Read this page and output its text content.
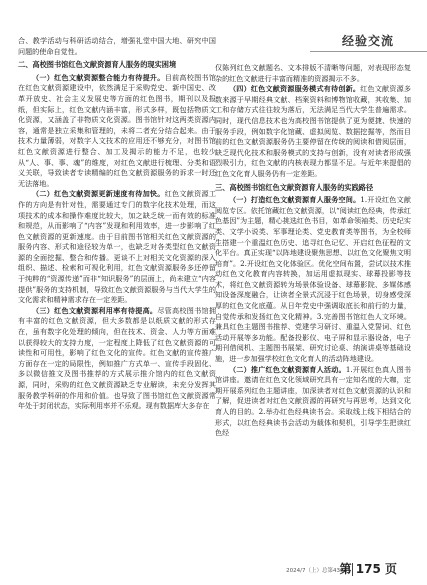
经验交流

合、教学活动与科研活动结合，增强礼堂中国大地、研究中国问题的使命自觉性。

二、高校图书馆红色文献资源育人服务的现实困境

（一）红色文献资源整合能力有待提升。目前高校图书馆在红色文献资源建设中，依然满足于采购党史、新中国史、改革开放史、社会主义发展史等方面的红色图书，期刊以及报纸，但实际上，红色文献内涵丰富，形式多样，既包括物质文化资源，又涵盖了非物质文化资源。图书馆针对这两类资源内容，通常是独立采集和管理的，未将二者充分结合起来。由于技术力量薄弱，对数字人文技术的应用还不够充分，对图书馆红色文献资源进行整合、加工及揭示的能力不足，也较少从“人、事、事、魂”的维度，对红色文献进行梳理、分类和语义关联，导致读者专读精编的红色文献资源服务的诉求一时还无法落地。

（二）红色文献资源更新速度有待加快。红色文献资源工作的方向是有针对性，需要通过专门的数字化技术处理，而这项技术的成本和操作难度比较大，加之缺乏统一而有效的标准和规范，从而影响了“内容”发现和利用效率，进一步影响了红色文献资源的更新速度。由于目前图书馆相关红色文献资源的服务内容、形式和途径较为单一，也缺乏对各类型红色文献资源的全面挖掘、整合和传播。更谈不上对相关文化资源的深入组织、描述、检索和可视化利用，红色文献资源服务多还停留于纯粹的“资源传递”而非“知识服务”的层面上，尚未建立“内容提供”服务的支持机制，导致红色文献资源服务与当代大学生的文化需求和精神需求存在一定差距。

（三）红色文献资源利用率有待提高。尽管高校图书馆拥有丰富的红色文献资源，但大多数都是以纸质文献的形式存在，虽有数字化处理的倾向，但在技术、资金、人力等方面难以获得较大的支持力度，一定程度上降低了红色文献资源的可读性和可用性，影响了红色文化的宣传。红色文献的宣传推广方面存在一定的局限性，例如推广方式单一、宣传手段固化、多以微信推文及图书推荐的方式展示推介馆内的红色文献资源，同时，采购的红色文献资源缺乏专业解读，未充分发挥其服务教学科研的作用和价值。也导致了图书馆红色文献资源常年处于封闭状态，实际利用率并不乐观。现有数据库大多存在

仅陈列红色文献题名、文本排版不清晰等问题，对表现形态复杂的红色文献进行丰富而精准的资源揭示不多。

（四）红色文献资源服务模式有待创新。红色文献资源多数来源于早期经典文献、档案资料和博物馆收藏，其收集、加工和存储方式往往较为落后，无法满足当代大学生普遍需求。同时，现代信息技术也为高校图书馆提供了更为便捷、快速的服务手段，例如数字化馆藏、虚拟阅览、数据挖掘等，然而目前的红色文献资源服务仍主要停留在传统的阅读和借阅层面，缺乏现代化技术和服务模式的支持与创新，没有对读者形成强烈吸引力，红色文献的内核表现力都显不足。与近年来提倡的红色文化育人服务仍有一定差距。

三、高校图书馆红色文献资源育人服务的实践路径

（一）打造红色文献资源育人服务空间。1.开设红色文献阅览专区。依托馆藏红色文献资源，以“阅读红色经典，传承红色基因”为主题，精心挑选红色书目，如革命领袖类、历史纪实类、文学小说类、军事理论类、党史教育类等图书，为全校师生搭建一个重温红色历史、追寻红色记忆、开启红色征程的文化平台。真正实现“以阵地建设聚焦思想、以红色文化聚焦文明培育”。2.开设红色文化体验区。优化空间布置，尝试以技术推动红色文化教育内容转换，加运用虚拟现实、球幕投影等技术，将红色文献资源转为场景体验设备、球幕影院、多媒体感知设备深度融合，让读者全景式沉浸于红色场景，切身感受深厚的红色文化底蕴。从日年党史中强调取底长和前行的力量，自觉传承和发扬红色文化精神。3.完善图书馆红色人文环境。兼具红色主题图书推荐、党建学习研讨、重温入党誓词、红色活动开展等多功能。配备投影仪、电子屏和显示器设备，电子期刊借阅机、主题图书展架、研究讨论桌、纳演讲桌等基础设施，进一步加强学校红色文化育人的活动阵地建设。

（二）推广红色文献资源育人活动。1.开展红色真人图书馆讲座。邀请在红色文化领域研究具有一定知名度的大咖，定期开展系列红色主题讲座，加深读者对红色文献资源的认识和了解，促进读者对红色文献资源的再研究与再思考，达到文化育人的目的。2.举办红色经典读书会。采取线上线下相结合的形式，以红色经典读书会活动为载体和契机，引导学生把读红色经

2024/7（上）总第430期
第 175 页
